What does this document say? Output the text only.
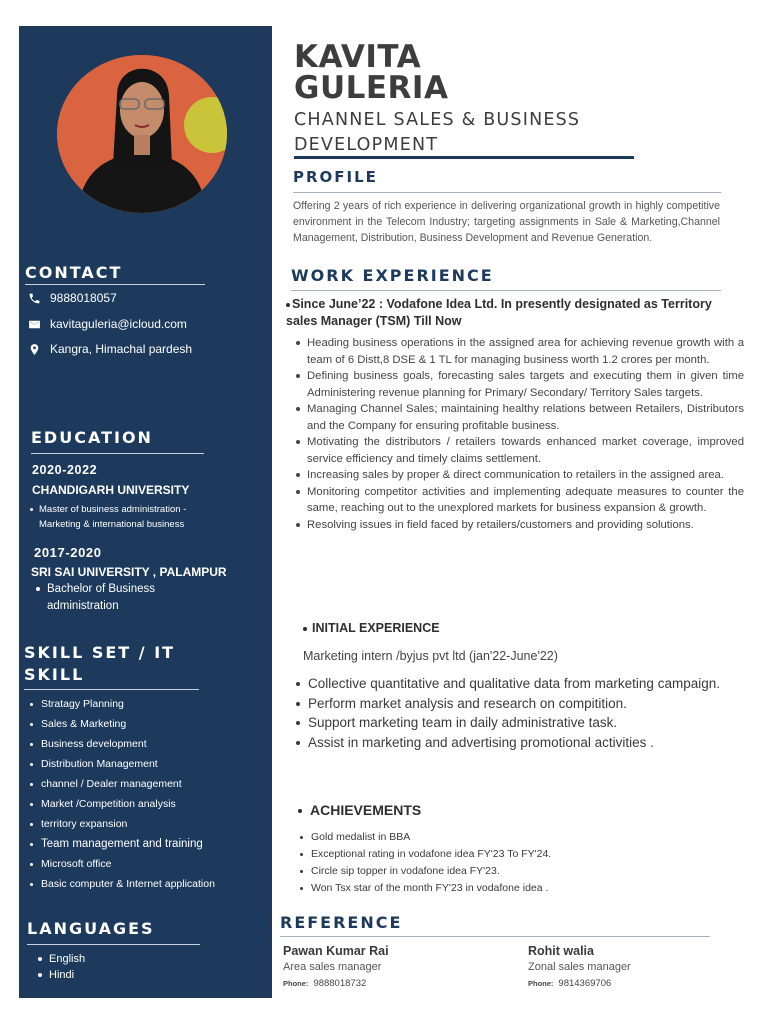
CONTACT
9888018057
kavitaguleria@icloud.com
Kangra, Himachal pardesh
EDUCATION
2020-2022
CHANDIGARH UNIVERSITY
Master of business administration -
Marketing & international business
2017-2020
SRI SAI UNIVERSITY , PALAMPUR
Bachelor of Business
administration
SKILL SET / IT
SKILL
Stratagy Planning
Sales & Marketing
Business development
Distribution Management
channel / Dealer management
Market /Competition analysis
territory expansion
Team management and training
Microsoft office
Basic computer & Internet application
LANGUAGES
English
Hindi
KAVITA
GULERIA
CHANNEL SALES & BUSINESS
DEVELOPMENT
PROFILE
Offering 2 years of rich experience in delivering organizational growth in highly competitive environment in the Telecom Industry; targeting assignments in Sale & Marketing,Channel Management, Distribution, Business Development and Revenue Generation.
WORK EXPERIENCE
Since June’22 : Vodafone Idea Ltd. In presently designated as Territory sales Manager (TSM) Till Now
Heading business operations in the assigned area for achieving revenue growth with a team of 6 Distt,8 DSE & 1 TL for managing business worth 1.2 crores per month.
Defining business goals, forecasting sales targets and executing them in given time Administering revenue planning for Primary/ Secondary/ Territory Sales targets.
Managing Channel Sales; maintaining healthy relations between Retailers, Distributors and the Company for ensuring profitable business.
Motivating the distributors / retailers towards enhanced market coverage, improved service efficiency and timely claims settlement.
Increasing sales by proper & direct communication to retailers in the assigned area.
Monitoring competitor activities and implementing adequate measures to counter the same, reaching out to the unexplored markets for business expansion & growth.
Resolving issues in field faced by retailers/customers and providing solutions.
INITIAL EXPERIENCE
Marketing intern /byjus pvt ltd (jan'22-June'22)
Collective quantitative and qualitative data from marketing campaign.
Perform market analysis and research on compitition.
Support marketing team in daily administrative task.
Assist in marketing and advertising promotional activities .
ACHIEVEMENTS
Gold medalist in BBA
Exceptional rating in vodafone idea FY'23 To FY'24.
Circle sip topper in vodafone idea FY'23.
Won Tsx star of the month FY'23 in vodafone idea .
REFERENCE
Pawan Kumar Rai
Area sales manager
Phone: 9888018732
Rohit walia
Zonal sales manager
Phone: 9814369706
